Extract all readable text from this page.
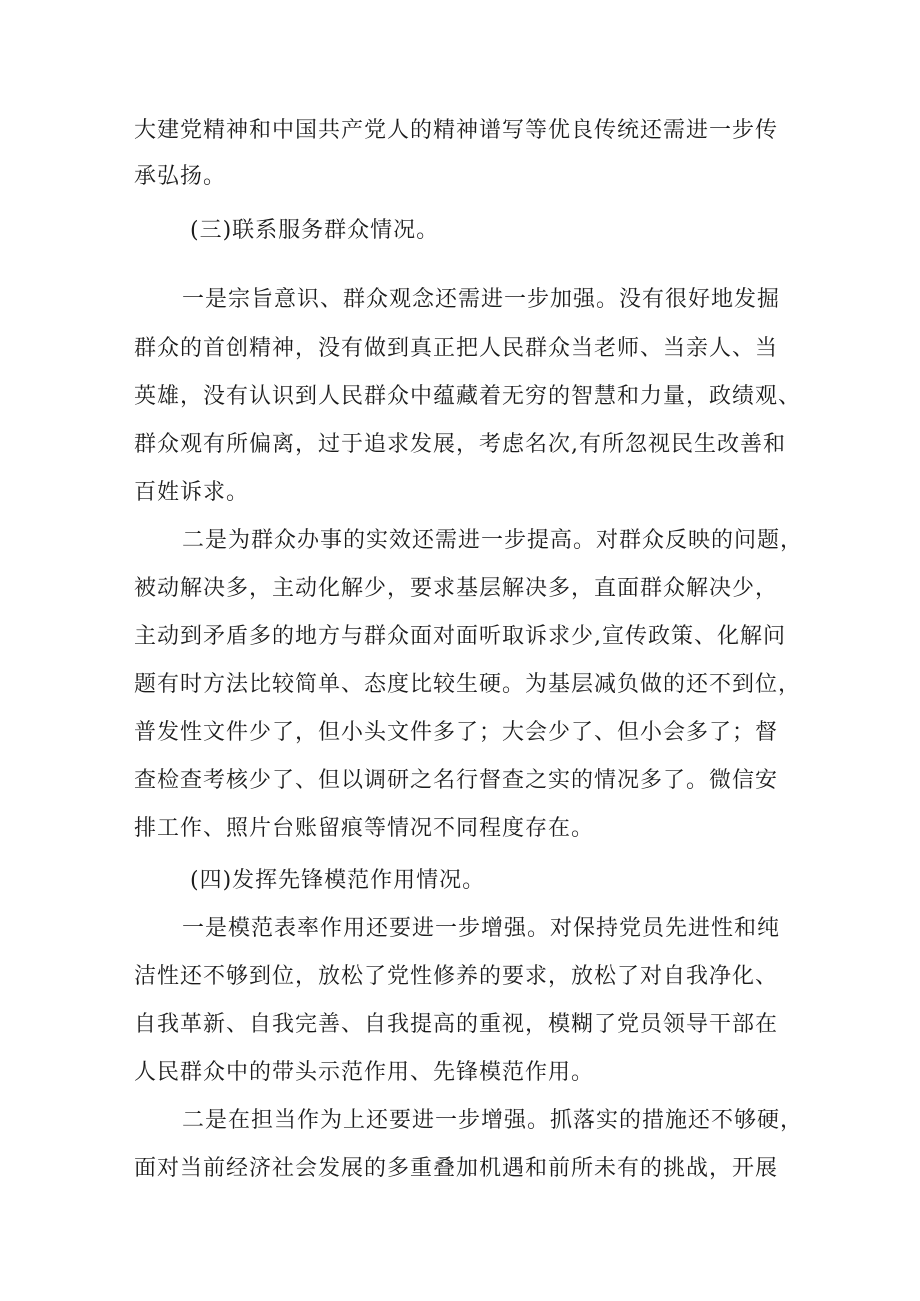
大建党精神和中国共产党人的精神谱写等优良传统还需进一步传
承弘扬。
(三)联系服务群众情况。
一是宗旨意识、群众观念还需进一步加强。没有很好地发掘
群众的首创精神，没有做到真正把人民群众当老师、当亲人、当
英雄，没有认识到人民群众中蕴藏着无穷的智慧和力量，政绩观、
群众观有所偏离，过于追求发展，考虑名次,有所忽视民生改善和
百姓诉求。
二是为群众办事的实效还需进一步提高。对群众反映的问题，
被动解决多，主动化解少，要求基层解决多，直面群众解决少，
主动到矛盾多的地方与群众面对面听取诉求少,宣传政策、化解问
题有时方法比较简单、态度比较生硬。为基层减负做的还不到位，
普发性文件少了，但小头文件多了；大会少了、但小会多了；督
查检查考核少了、但以调研之名行督查之实的情况多了。微信安
排工作、照片台账留痕等情况不同程度存在。
(四)发挥先锋模范作用情况。
一是模范表率作用还要进一步增强。对保持党员先进性和纯
洁性还不够到位，放松了党性修养的要求，放松了对自我净化、
自我革新、自我完善、自我提高的重视，模糊了党员领导干部在
人民群众中的带头示范作用、先锋模范作用。
二是在担当作为上还要进一步增强。抓落实的措施还不够硬，
面对当前经济社会发展的多重叠加机遇和前所未有的挑战，开展
